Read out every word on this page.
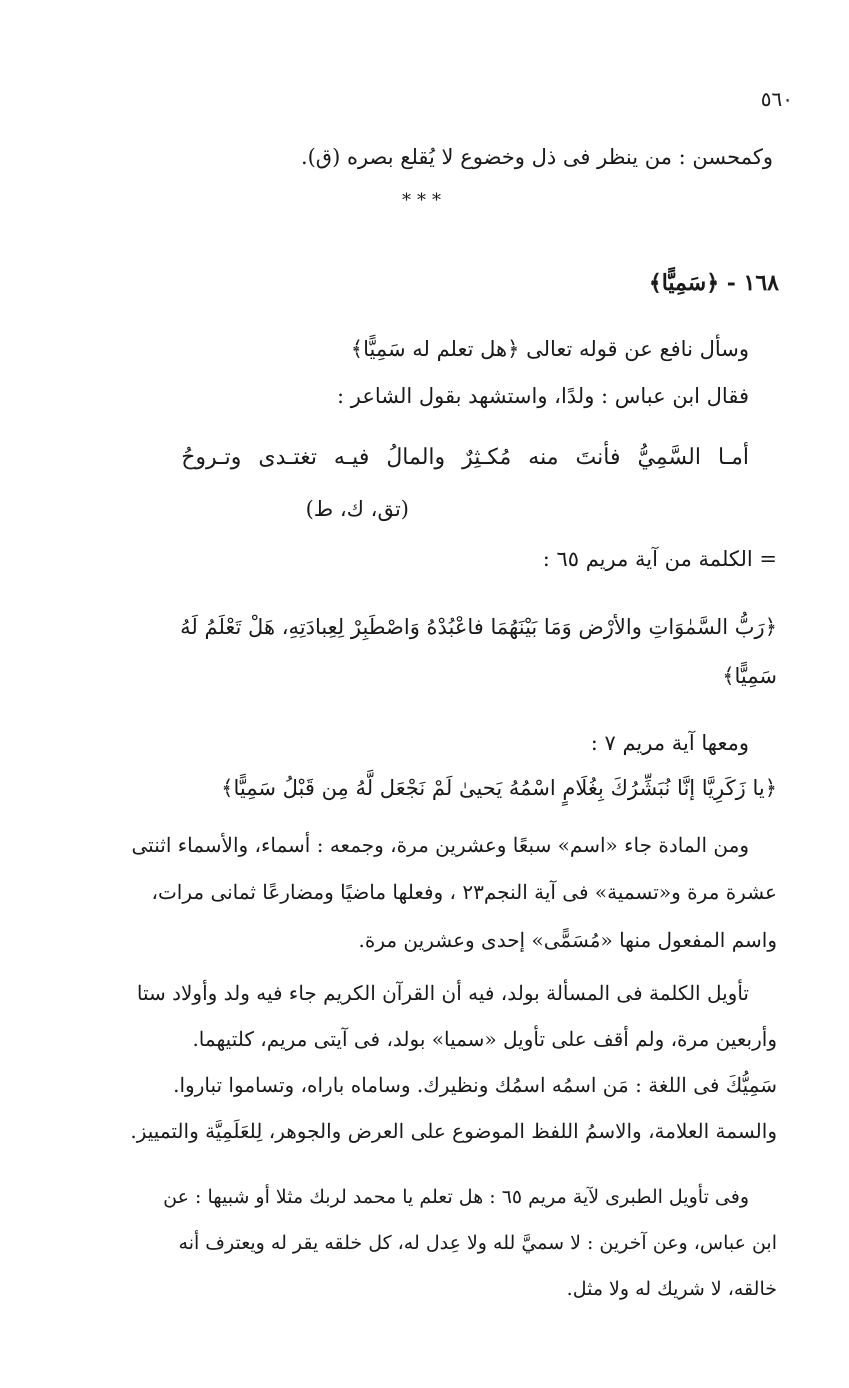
٥٦٠
وكمحسن : من ينظر فى ذل وخضوع لا يُقلع بصره (ق).
***
١٦٨ - ﴿سَمِيًّا﴾
وسأل نافع عن قوله تعالى ﴿هل تعلم له سَمِيًّا﴾
فقال ابن عباس : ولدًا، واستشهد بقول الشاعر :
أمـا السَّمِيُّ فأنتَ منه مُكـثِرٌ والمالُ فيـه تغتـدى وتـروحُ
(تق، ك، ط)
= الكلمة من آية مريم ٦٥ :
﴿رَبُّ السَّمٰوَاتِ والأرْض وَمَا بَيْنَهُمَا فاعْبُدْهُ وَاصْطَبِرْ لِعِبادَتِهِ، هَلْ تَعْلَمُ لَهُ
سَمِيًّا﴾
ومعها آية مريم ٧ :
﴿يا زَكَرِيَّا إنَّا نُبَشِّرُكَ بِغُلَامٍ اسْمُهُ يَحيىٰ لَمْ نَجْعَل لَّهُ مِن قَبْلُ سَمِيًّا﴾
ومن المادة جاء «اسم» سبعًا وعشرين مرة، وجمعه : أسماء، والأسماء اثنتى
عشرة مرة و«تسمية» فى آية النجم٢٣ ، وفعلها ماضيًا ومضارعًا ثمانى مرات،
واسم المفعول منها «مُسَمًّى» إحدى وعشرين مرة.
تأويل الكلمة فى المسألة بولد، فيه أن القرآن الكريم جاء فيه ولد وأولاد ستا
وأربعين مرة، ولم أقف على تأويل «سميا» بولد، فى آيتى مريم، كلتيهما.
سَمِيُّكَ فى اللغة : مَن اسمُه اسمُك ونظيرك. وساماه باراه، وتساموا تباروا.
والسمة العلامة، والاسمُ اللفظ الموضوع على العرض والجوهر، لِلعَلَمِيَّة والتمييز.
وفى تأويل الطبرى لآية مريم ٦٥ : هل تعلم يا محمد لربك مثلا أو شبيها : عن
ابن عباس، وعن آخرين : لا سميَّ لله ولا عِدل له، كل خلقه يقر له ويعترف أنه
خالقه، لا شريك له ولا مثل.
